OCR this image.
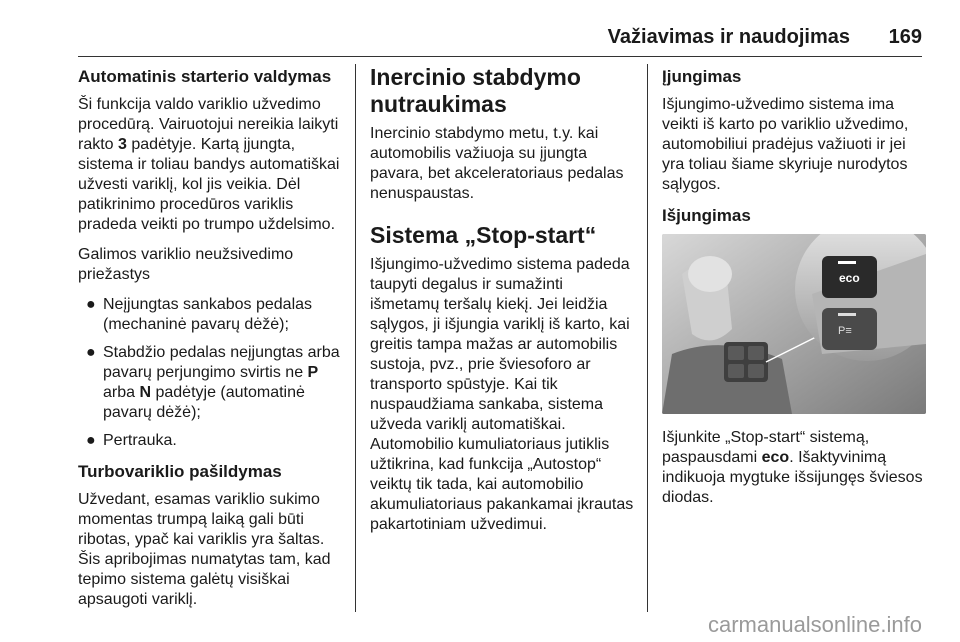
Važiavimas ir naudojimas 169
Automatinis starterio valdymas

Ši funkcija valdo variklio užvedimo procedūrą. Vairuotojui nereikia laikyti rakto 3 padėtyje. Kartą įjungta, sistema ir toliau bandys automatiškai užvesti variklį, kol jis veikia. Dėl patikrinimo procedūros variklis pradeda veikti po trumpo uždelsimo.

Galimos variklio neužsivedimo priežastys

● Neįjungtas sankabos pedalas (mechaninė pavarų dėžė);
● Stabdžio pedalas neįjungtas arba pavarų perjungimo svirtis ne P arba N padėtyje (automatinė pavarų dėžė);
● Pertrauka.
Turbovariklio pašildymas

Užvedant, esamas variklio sukimo momentas trumpą laiką gali būti ribotas, ypač kai variklis yra šaltas. Šis apribojimas numatytas tam, kad tepimo sistema galėtų visiškai apsaugoti variklį.

Inercinio stabdymo nutraukimas

Inercinio stabdymo metu, t.y. kai automobilis važiuoja su įjungta pavara, bet akceleratoriaus pedalas nenuspaustas.

Sistema „Stop-start“

Išjungimo-užvedimo sistema padeda taupyti degalus ir sumažinti išmetamų teršalų kiekį. Jei leidžia sąlygos, ji išjungia variklį iš karto, kai greitis tampa mažas ar automobilis sustoja, pvz., prie šviesoforo ar transporto spūstyje. Kai tik nuspaudžiama sankaba, sistema užveda variklį automatiškai. Automobilio kumuliatoriaus jutiklis užtikrina, kad funkcija „Autostop“ veiktų tik tada, kai automobilio akumuliatoriaus pakankamai įkrautas pakartotiniam užvedimui.

Įjungimas

Išjungimo-užvedimo sistema ima veikti iš karto po variklio užvedimo, automobiliui pradėjus važiuoti ir jei yra toliau šiame skyriuje nurodytos sąlygos.

Išjungimas
P≡
eco

Išjunkite „Stop-start“ sistemą, paspausdami eco. Išaktyvinimą indikuoja mygtuke išsijungęs šviesos diodas.

carmanualsonline.info
